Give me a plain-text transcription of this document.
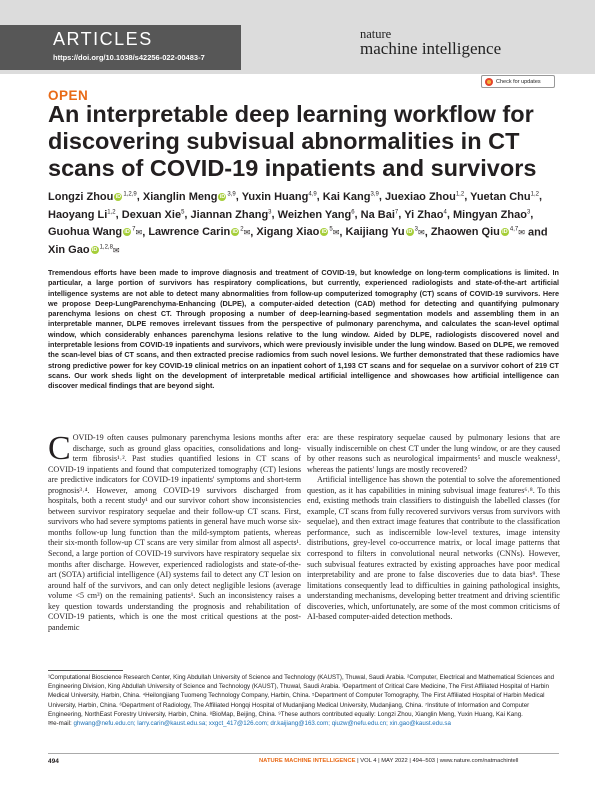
ARTICLES
https://doi.org/10.1038/s42256-022-00483-7
nature
machine intelligence
Check for updates
OPEN
An interpretable deep learning workflow for discovering subvisual abnormalities in CT scans of COVID-19 inpatients and survivors
Longzi Zhou iD $^{1,2,9}$, Xianglin Meng iD $^{3,9}$, Yuxin Huang$^{4,9}$, Kai Kang$^{3,9}$, Juexiao Zhou$^{1,2}$, Yuetan Chu$^{1,2}$, Haoyang Li$^{1,2}$, Dexuan Xie$^5$, Jiannan Zhang$^3$, Weizhen Yang$^6$, Na Bai$^7$, Yi Zhao$^4$, Mingyan Zhao$^3$, Guohua Wang iD $^7$✉, Lawrence Carin iD $^2$✉, Xigang Xiao iD $^5$✉, Kaijiang Yu iD $^3$✉, Zhaowen Qiu iD $^{4,7}$✉ and Xin Gao iD $^{1,2,8}$✉
Tremendous efforts have been made to improve diagnosis and treatment of COVID-19, but knowledge on long-term complications is limited. In particular, a large portion of survivors has respiratory complications, but currently, experienced radiologists and state-of-the-art artificial intelligence systems are not able to detect many abnormalities from follow-up computerized tomography (CT) scans of COVID-19 survivors. Here we propose Deep-LungParenchyma-Enhancing (DLPE), a computer-aided detection (CAD) method for detecting and quantifying pulmonary parenchyma lesions on chest CT. Through proposing a number of deep-learning-based segmentation models and assembling them in an interpretable manner, DLPE removes irrelevant tissues from the perspective of pulmonary parenchyma, and calculates the scan-level optimal window, which considerably enhances parenchyma lesions relative to the lung window. Aided by DLPE, radiologists discovered novel and interpretable lesions from COVID-19 inpatients and survivors, which were previously invisible under the lung window. Based on DLPE, we removed the scan-level bias of CT scans, and then extracted precise radiomics from such novel lesions. We further demonstrated that these radiomics have strong predictive power for key COVID-19 clinical metrics on an inpatient cohort of 1,193 CT scans and for sequelae on a survivor cohort of 219 CT scans. Our work sheds light on the development of interpretable medical artificial intelligence and showcases how artificial intelligence can discover medical findings that are beyond sight.
C OVID-19 often causes pulmonary parenchyma lesions months after discharge, such as ground glass opacities, consolidations and long-term fibrosis¹˒². Past studies quantified lesions in CT scans of COVID-19 inpatients and found that computerized tomography (CT) lesions are predictive indicators for COVID-19 inpatients' symptoms and short-term prognosis³˒⁴. However, among COVID-19 survivors discharged from hospitals, both a recent study¹ and our survivor cohort show inconsistencies between survivor respiratory sequelae and their follow-up CT scans. First, survivors who had severe symptoms patients in general have much worse six-months follow-up lung function than the mild-symptom patients, whereas their six-month follow-up CT scans are very similar from almost all aspects¹. Second, a large portion of COVID-19 survivors have respiratory sequelae six months after discharge. However, experienced radiologists and state-of-the-art (SOTA) artificial intelligence (AI) systems fail to detect any CT lesion on around half of the survivors, and can only detect negligible lesions (average volume <5 cm³) on the remaining patients¹. Such an inconsistency raises a key question towards understanding the prognosis and rehabilitation of COVID-19 patients, which is one the most critical questions at the post-pandemic

era: are these respiratory sequelae caused by pulmonary lesions that are visually indiscernible on chest CT under the lung window, or are they caused by other reasons such as neurological impairments⁵ and muscle weakness¹, whereas the patients' lungs are mostly recovered?

Artificial intelligence has shown the potential to solve the aforementioned question, as it has capabilities in mining subvisual image features⁶˒⁸. To this end, existing methods train classifiers to distinguish the labelled classes (for example, CT scans from fully recovered survivors versus from survivors with sequelae), and then extract image features that contribute to the classification performance, such as indiscernible low-level textures, image intensity distributions, grey-level co-occurrence matrix, or local image patterns that correspond to filters in convolutional neural networks (CNNs). However, such subvisual features extracted by existing approaches have poor medical interpretability and are prone to false discoveries due to data bias⁹. These limitations consequently lead to difficulties in gaining pathological insights, understanding mechanisms, developing better treatment and driving scientific discoveries, which, unfortunately, are some of the most common criticisms of AI-based computer-aided detection methods.

¹Computational Bioscience Research Center, King Abdullah University of Science and Technology (KAUST), Thuwal, Saudi Arabia. ²Computer, Electrical and Mathematical Sciences and Engineering Division, King Abdullah University of Science and Technology (KAUST), Thuwal, Saudi Arabia. ³Department of Critical Care Medicine, The First Affiliated Hospital of Harbin Medical University, Harbin, China. ⁴Heilongjiang Tuomeng Technology Company, Harbin, China. ⁵Department of Computer Tomography, The First Affiliated Hospital of Harbin Medical University, Harbin, China. ⁶Department of Radiology, The Affiliated Hongqi Hospital of Mudanjiang Medical University, Mudanjiang, China. ⁷Institute of Information and Computer Engineering, NorthEast Forestry University, Harbin, China. ⁸BioMap, Beijing, China. ⁹These authors contributed equally: Longzi Zhou, Xianglin Meng, Yuxin Huang, Kai Kang.
✉e-mail: ghwang@nefu.edu.cn; larry.carin@kaust.edu.sa; xxgct_417@126.com; dr.kaijiang@163.com; qiuzw@nefu.edu.cn; xin.gao@kaust.edu.sa
494	NATURE MACHINE INTELLIGENCE | VOL 4 | MAY 2022 | 494–503 | www.nature.com/natmachintell
